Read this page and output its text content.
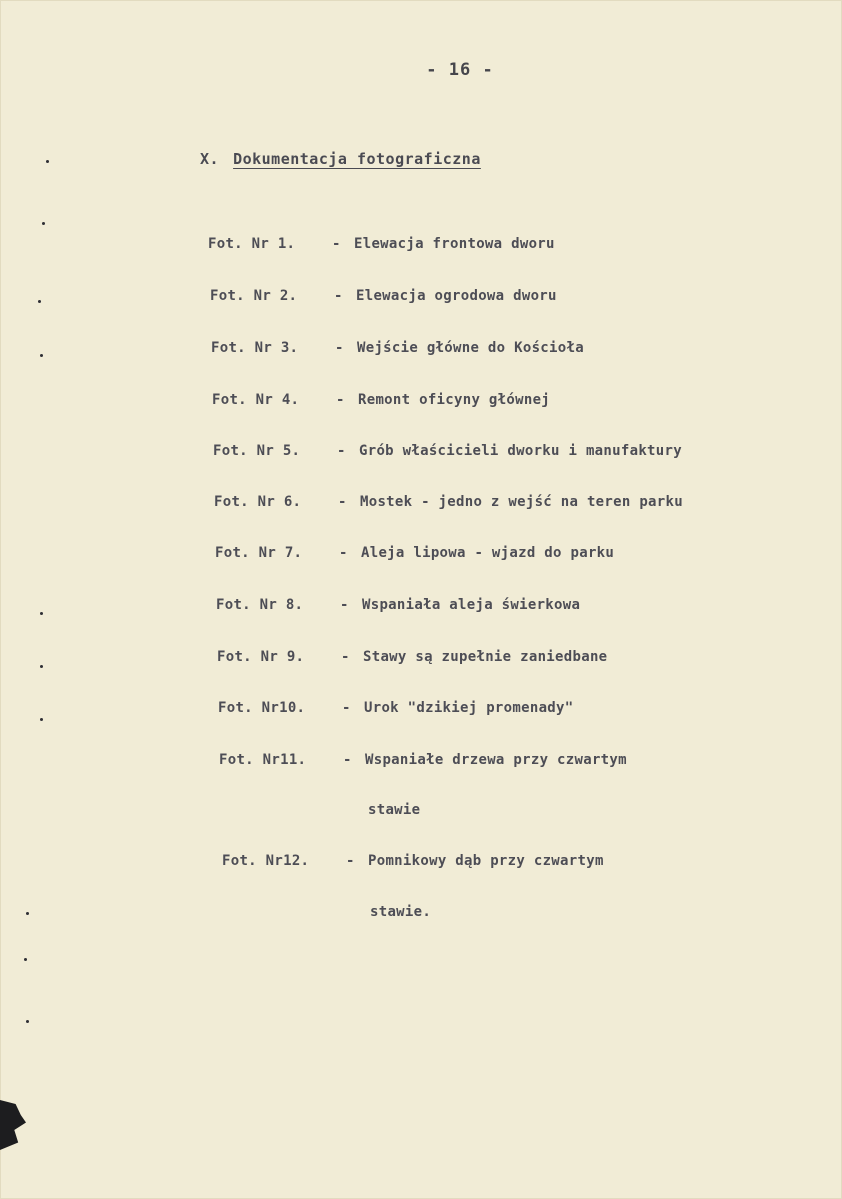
- 16 -
X. Dokumentacja fotograficzna
Fot. Nr 1.	- Elewacja frontowa dworu
Fot. Nr 2.	- Elewacja ogrodowa dworu
Fot. Nr 3.	- Wejście główne do Kościoła
Fot. Nr 4.	- Remont oficyny głównej
Fot. Nr 5.	- Grób właścicieli dworku i manufaktury
Fot. Nr 6.	- Mostek - jedno z wejść na teren parku
Fot. Nr 7.	- Aleja lipowa - wjazd do parku
Fot. Nr 8.	- Wspaniała aleja świerkowa
Fot. Nr 9.	- Stawy są zupełnie zaniedbane
Fot. Nr10.	- Urok "dzikiej promenady"
Fot. Nr11.	- Wspaniałe drzewa przy czwartym
stawie
Fot. Nr12.	- Pomnikowy dąb przy czwartym
stawie.
